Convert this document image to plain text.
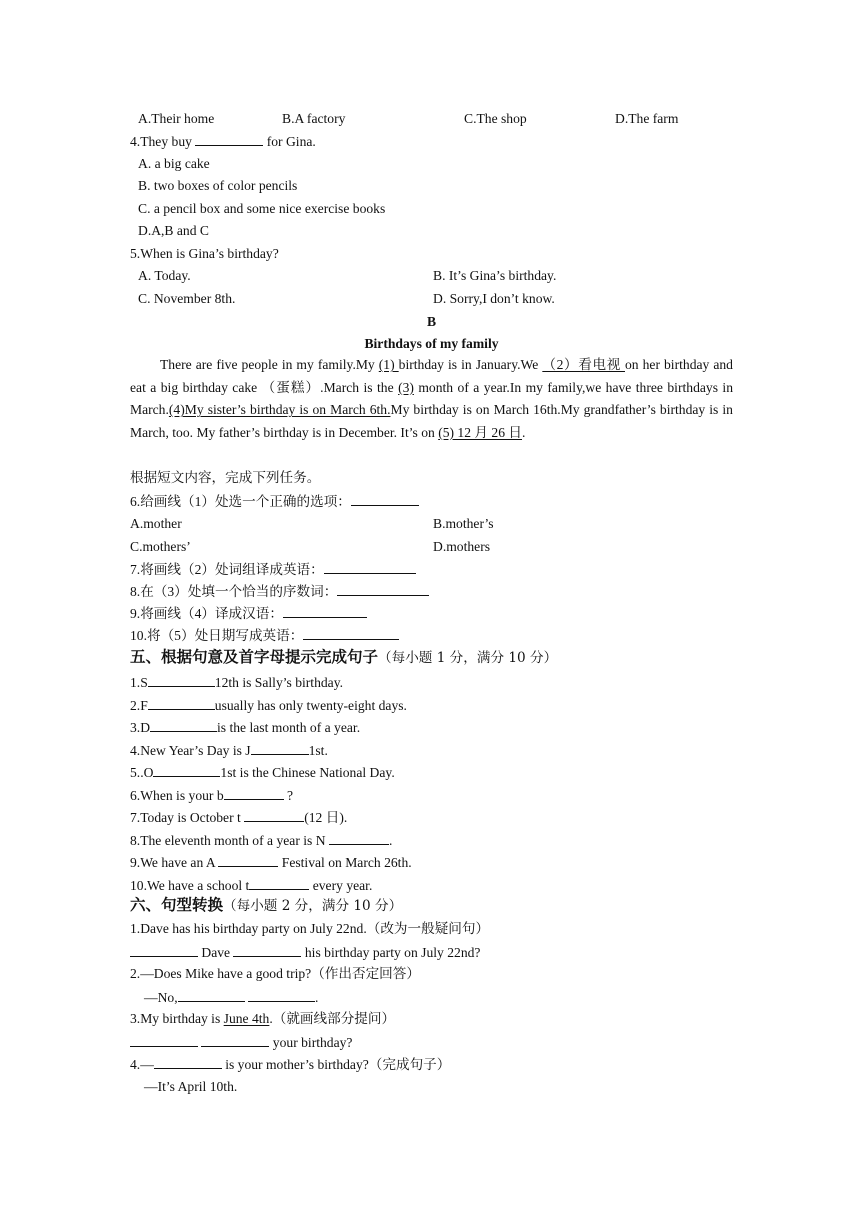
A.Their home	B.A factory	C.The shop	D.The farm
4.They buy	for Gina.
A. a big cake
B. two boxes of color pencils
C. a pencil box and some nice exercise books
D.A,B and C
5.When is Gina’s birthday?
A. Today.	B. It’s Gina’s birthday.
C. November 8th.	D. Sorry,I don’t know.
B
Birthdays of my family
There are five people in my family.My (1) birthday is in January.We （2）看电视 on her birthday and eat a big birthday cake （蛋糕）.March is the (3) month of a year.In my family,we have three birthdays in March.(4)My sister’s birthday is on March 6th.My birthday is on March 16th.My grandfather’s birthday is in March, too. My father’s birthday is in December. It’s on (5) 12 月 26 日.
根据短文内容，完成下列任务。
6.给画线（1）处选一个正确的选项：
A.mother	B.mother’s
C.mothers’	D.mothers
7.将画线（2）处词组译成英语：
8.在（3）处填一个恰当的序数词：
9.将画线（4）译成汉语：
10.将（5）处日期写成英语：
五、根据句意及首字母提示完成句子（每小题 1 分，满分 10 分）
1.S	12th is Sally’s birthday.
2.F	usually has only twenty-eight days.
3.D	is the last month of a year.
4.New Year’s Day is J	1st.
5..O	1st is the Chinese National Day.
6.When is your b	?
7.Today is October t	(12 日).
8.The eleventh month of a year is N	.
9.We have an A	Festival on March 26th.
10.We have a school t	every year.
六、句型转换（每小题 2 分，满分 10 分）
1.Dave has his birthday party on July 22nd.（改为一般疑问句）
Dave	his birthday party on July 22nd?
2.—Does Mike have a good trip?（作出否定回答）
—No,	.
3.My birthday is June 4th.（就画线部分提问）
your birthday?
4.—	is your mother’s birthday?（完成句子）
—It’s April 10th.
